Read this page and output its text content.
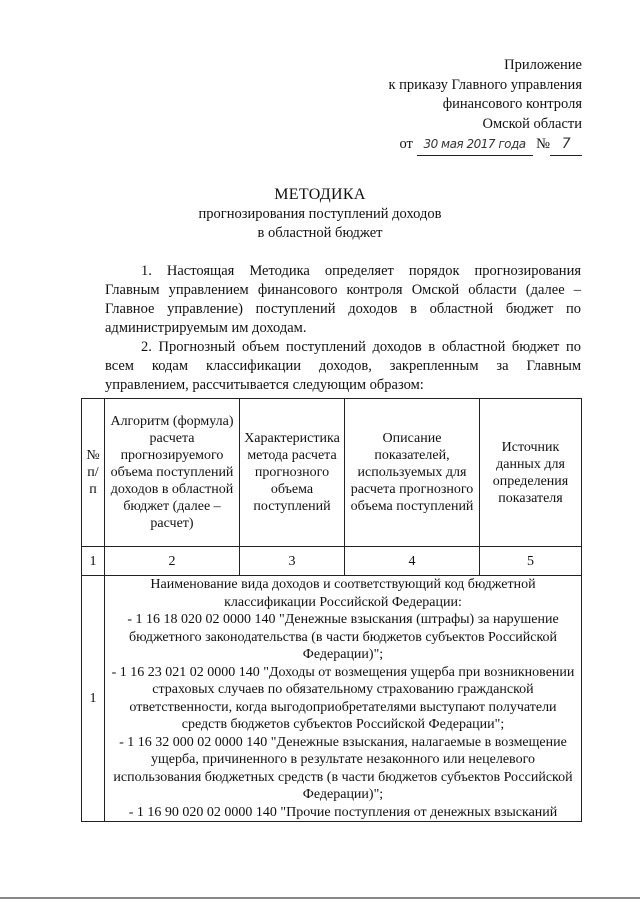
Приложение
к приказу Главного управления
финансового контроля
Омской области
от 30 мая 2017 года № 7
МЕТОДИКА
прогнозирования поступлений доходов
в областной бюджет

1. Настоящая Методика определяет порядок прогнозирования Главным управлением финансового контроля Омской области (далее – Главное управление) поступлений доходов в областной бюджет по администрируемым им доходам.

2. Прогнозный объем поступлений доходов в областной бюджет по всем кодам классификации доходов, закрепленным за Главным управлением, рассчитывается следующим образом:

№ п/п	Алгоритм (формула) расчета прогнозируемого объема поступлений доходов в областной бюджет (далее – расчет)	Характеристика метода расчета прогнозного объема поступлений	Описание показателей, используемых для расчета прогнозного объема поступлений	Источник данных для определения показателя
1	2	3	4	5
1	Наименование вида доходов и соответствующий код бюджетной классификации Российской Федерации:
- 1 16 18 020 02 0000 140 "Денежные взыскания (штрафы) за нарушение бюджетного законодательства (в части бюджетов субъектов Российской Федерации)";
- 1 16 23 021 02 0000 140 "Доходы от возмещения ущерба при возникновении страховых случаев по обязательному страхованию гражданской ответственности, когда выгодоприобретателями выступают получатели средств бюджетов субъектов Российской Федерации";
- 1 16 32 000 02 0000 140 "Денежные взыскания, налагаемые в возмещение ущерба, причиненного в результате незаконного или нецелевого использования бюджетных средств (в части бюджетов субъектов Российской Федерации)";
- 1 16 90 020 02 0000 140 "Прочие поступления от денежных взысканий			
